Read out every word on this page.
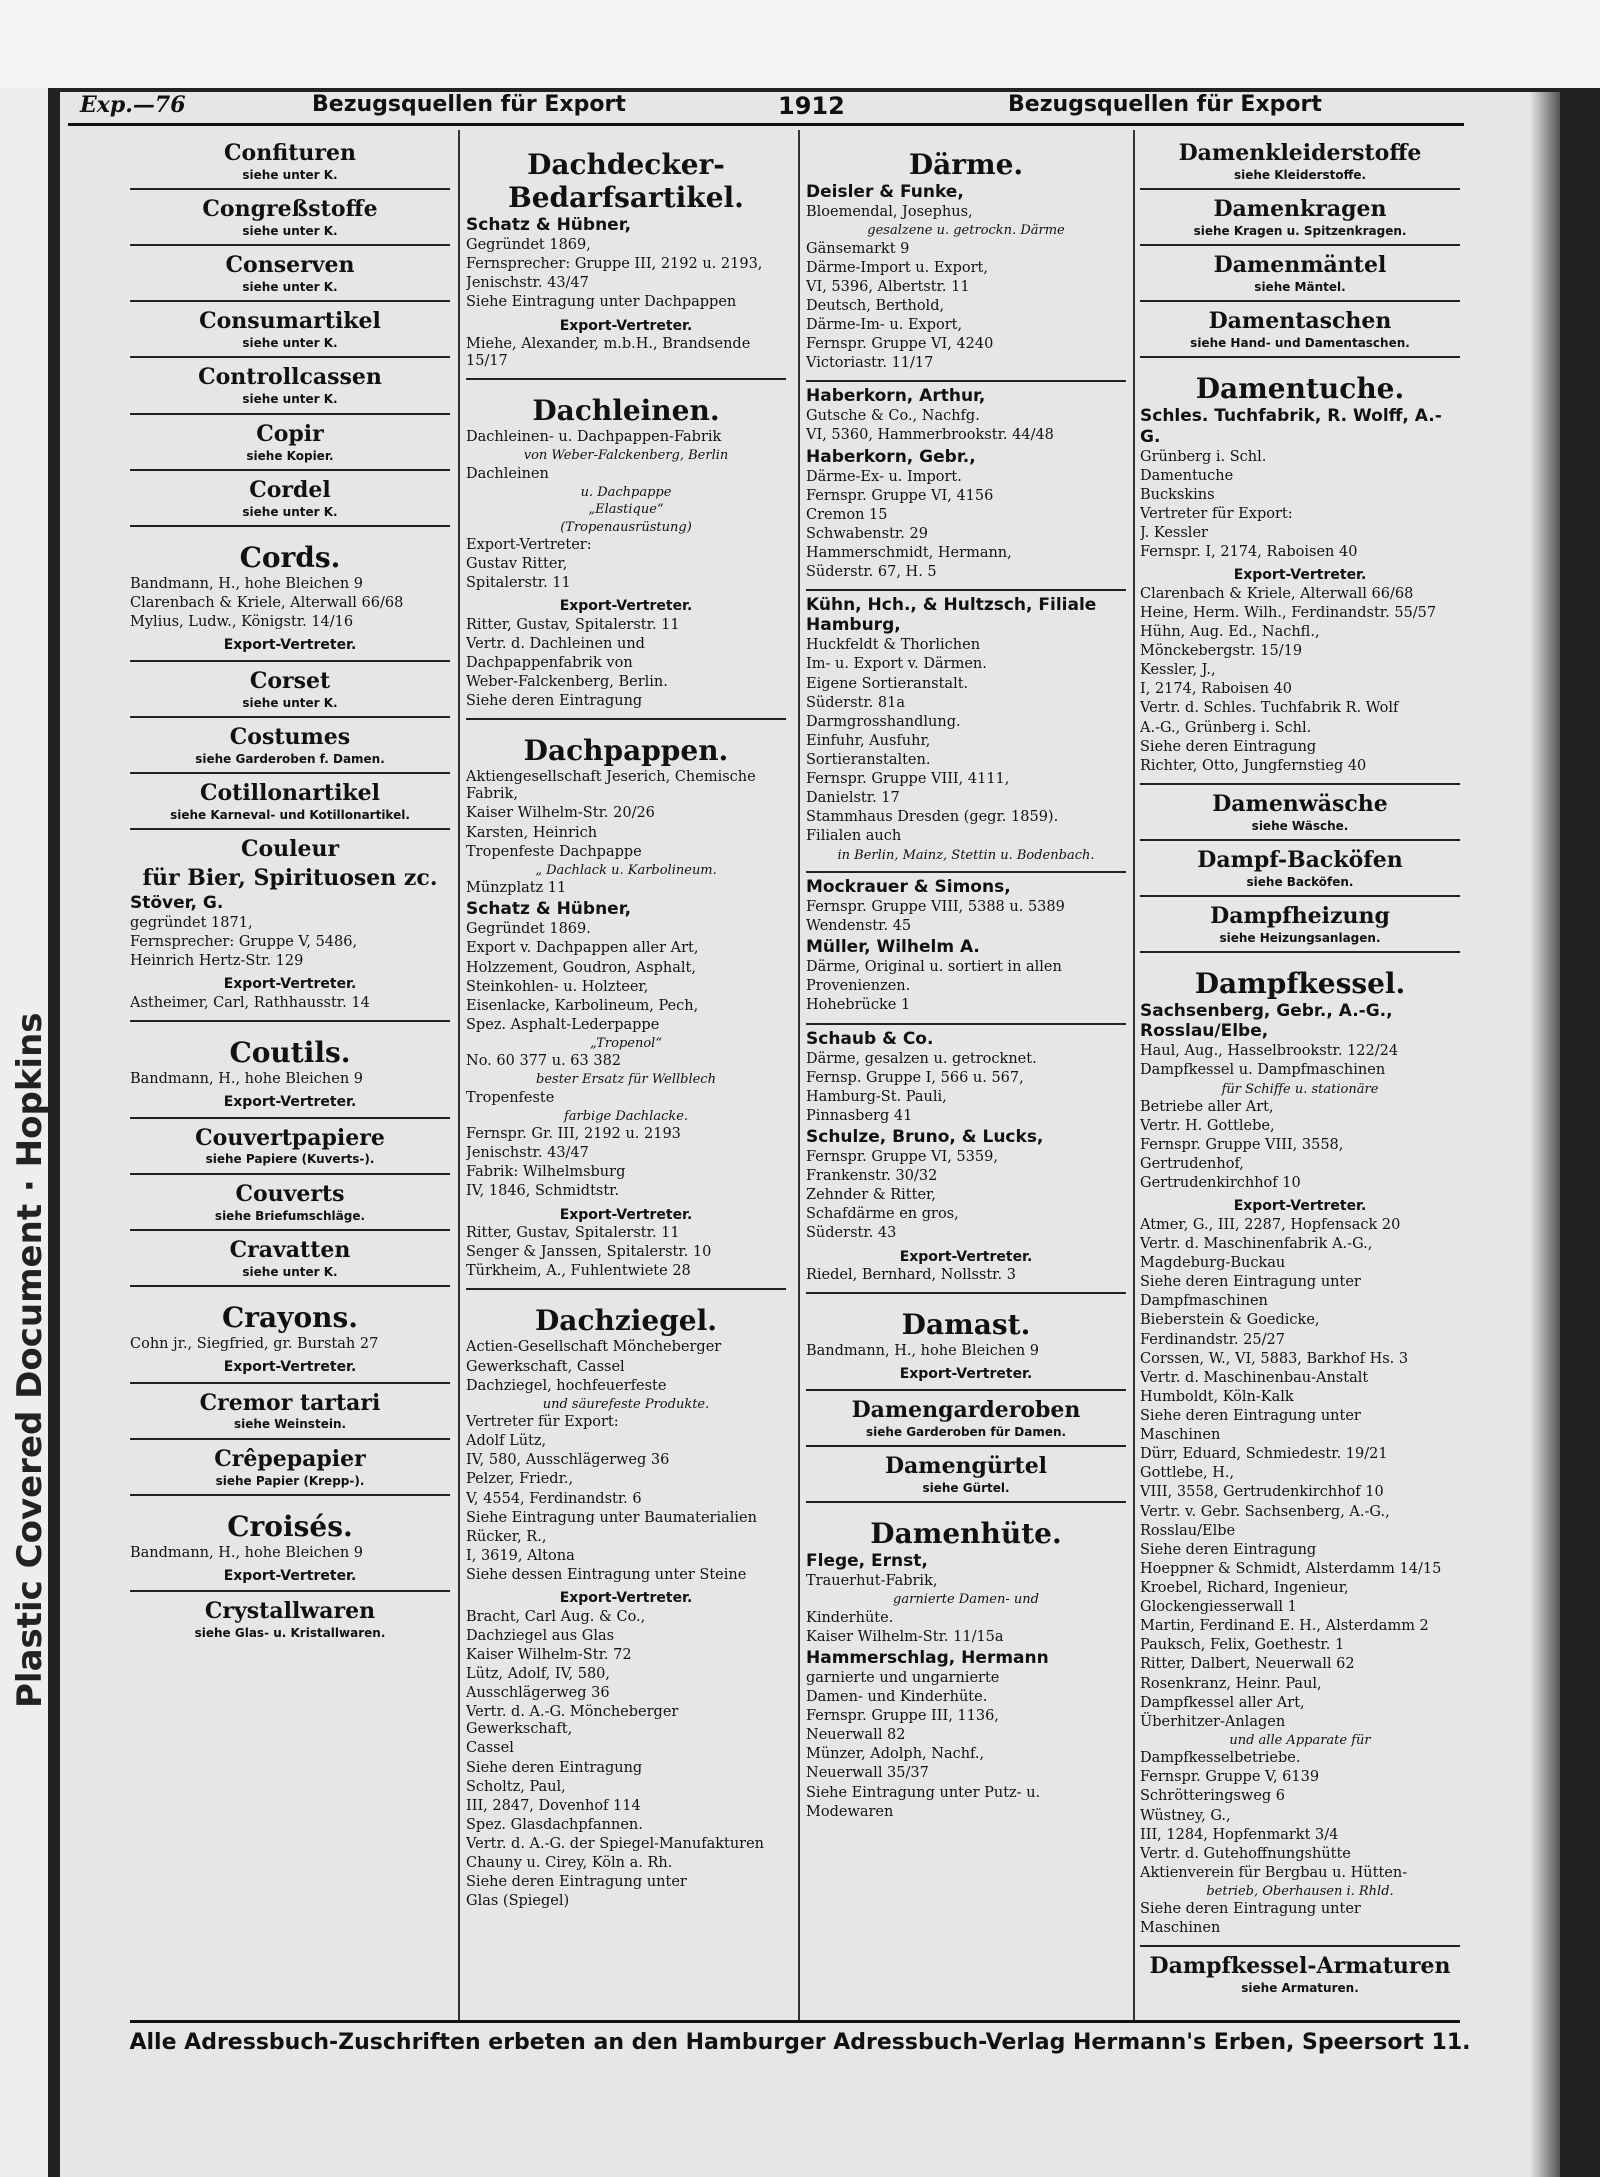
Plastic Covered Document · Hopkins
Exp.—76	Bezugsquellen für Export	1912	Bezugsquellen für Export
Confituren
siehe unter K.
Congreßstoffe
siehe unter K.
Conserven
siehe unter K.
Consumartikel
siehe unter K.
Controllcassen
siehe unter K.
Copir
siehe Kopier.
Cordel
siehe unter K.
Cords.
Bandmann, H., hohe Bleichen 9
Clarenbach & Kriele, Alterwall 66/68
Mylius, Ludw., Königstr. 14/16
Export-Vertreter.
Corset
siehe unter K.
Costumes
siehe Garderoben f. Damen.
Cotillonartikel
siehe Karneval- und Kotillonartikel.
Couleur
für Bier, Spirituosen zc.
Stöver, G.
gegründet 1871,
Fernsprecher: Gruppe V, 5486,
Heinrich Hertz-Str. 129
Export-Vertreter.
Astheimer, Carl, Rathhausstr. 14
Coutils.
Bandmann, H., hohe Bleichen 9
Export-Vertreter.
Couvertpapiere
siehe Papiere (Kuverts-).
Couverts
siehe Briefumschläge.
Cravatten
siehe unter K.
Crayons.
Cohn jr., Siegfried, gr. Burstah 27
Export-Vertreter.
Cremor tartari
siehe Weinstein.
Crêpepapier
siehe Papier (Krepp-).
Croisés.
Bandmann, H., hohe Bleichen 9
Export-Vertreter.
Crystallwaren
siehe Glas- u. Kristallwaren.
Dachdecker-Bedarfsartikel.
Schatz & Hübner,
Gegründet 1869,
Fernsprecher: Gruppe III, 2192 u. 2193,
Jenischstr. 43/47
Siehe Eintragung unter Dachpappen
Export-Vertreter.
Miehe, Alexander, m.b.H., Brandsende 15/17
Dachleinen.
Dachleinen- u. Dachpappen-Fabrik
von Weber-Falckenberg, Berlin
Dachleinen
u. Dachpappe
„Elastique“
(Tropenausrüstung)
Export-Vertreter:
Gustav Ritter,
Spitalerstr. 11
Export-Vertreter.
Ritter, Gustav, Spitalerstr. 11
Vertr. d. Dachleinen und
Dachpappenfabrik von
Weber-Falckenberg, Berlin.
Siehe deren Eintragung
Dachpappen.
Aktiengesellschaft Jeserich, Chemische Fabrik,
Kaiser Wilhelm-Str. 20/26
Karsten, Heinrich
Tropenfeste Dachpappe
„ Dachlack u. Karbolineum.
Münzplatz 11
Schatz & Hübner,
Gegründet 1869.
Export v. Dachpappen aller Art,
Holzzement, Goudron, Asphalt,
Steinkohlen- u. Holzteer,
Eisenlacke, Karbolineum, Pech,
Spez. Asphalt-Lederpappe
„Tropenol“
No. 60 377 u. 63 382
bester Ersatz für Wellblech
Tropenfeste
farbige Dachlacke.
Fernspr. Gr. III, 2192 u. 2193
Jenischstr. 43/47
Fabrik: Wilhelmsburg
IV, 1846, Schmidtstr.
Export-Vertreter.
Ritter, Gustav, Spitalerstr. 11
Senger & Janssen, Spitalerstr. 10
Türkheim, A., Fuhlentwiete 28
Dachziegel.
Actien-Gesellschaft Möncheberger
Gewerkschaft, Cassel
Dachziegel, hochfeuerfeste
und säurefeste Produkte.
Vertreter für Export:
Adolf Lütz,
IV, 580, Ausschlägerweg 36
Pelzer, Friedr.,
V, 4554, Ferdinandstr. 6
Siehe Eintragung unter Baumaterialien
Rücker, R.,
I, 3619, Altona
Siehe dessen Eintragung unter Steine
Export-Vertreter.
Bracht, Carl Aug. & Co.,
Dachziegel aus Glas
Kaiser Wilhelm-Str. 72
Lütz, Adolf, IV, 580,
Ausschlägerweg 36
Vertr. d. A.-G. Möncheberger Gewerkschaft,
Cassel
Siehe deren Eintragung
Scholtz, Paul,
III, 2847, Dovenhof 114
Spez. Glasdachpfannen.
Vertr. d. A.-G. der Spiegel-Manufakturen
Chauny u. Cirey, Köln a. Rh.
Siehe deren Eintragung unter
Glas (Spiegel)
Därme.
Deisler & Funke,
Bloemendal, Josephus,
gesalzene u. getrockn. Därme
Gänsemarkt 9
Därme-Import u. Export,
VI, 5396, Albertstr. 11
Deutsch, Berthold,
Därme-Im- u. Export,
Fernspr. Gruppe VI, 4240
Victoriastr. 11/17
Haberkorn, Arthur,
Gutsche & Co., Nachfg.
VI, 5360, Hammerbrookstr. 44/48
Haberkorn, Gebr.,
Därme-Ex- u. Import.
Fernspr. Gruppe VI, 4156
Cremon 15
Schwabenstr. 29
Hammerschmidt, Hermann,
Süderstr. 67, H. 5
Kühn, Hch., & Hultzsch, Filiale Hamburg,
Huckfeldt & Thorlichen
Im- u. Export v. Därmen.
Eigene Sortieranstalt.
Süderstr. 81a
Darmgrosshandlung.
Einfuhr, Ausfuhr,
Sortieranstalten.
Fernspr. Gruppe VIII, 4111,
Danielstr. 17
Stammhaus Dresden (gegr. 1859).
Filialen auch
in Berlin, Mainz, Stettin u. Bodenbach.
Mockrauer & Simons,
Fernspr. Gruppe VIII, 5388 u. 5389
Wendenstr. 45
Müller, Wilhelm A.
Därme, Original u. sortiert in allen
Provenienzen.
Hohebrücke 1
Schaub & Co.
Därme, gesalzen u. getrocknet.
Fernsp. Gruppe I, 566 u. 567,
Hamburg-St. Pauli,
Pinnasberg 41
Schulze, Bruno, & Lucks,
Fernspr. Gruppe VI, 5359,
Frankenstr. 30/32
Zehnder & Ritter,
Schafdärme en gros,
Süderstr. 43
Export-Vertreter.
Riedel, Bernhard, Nollsstr. 3
Damast.
Bandmann, H., hohe Bleichen 9
Export-Vertreter.
Damengarderoben
siehe Garderoben für Damen.
Damengürtel
siehe Gürtel.
Damenhüte.
Flege, Ernst,
Trauerhut-Fabrik,
garnierte Damen- und
Kinderhüte.
Kaiser Wilhelm-Str. 11/15a
Hammerschlag, Hermann
garnierte und ungarnierte
Damen- und Kinderhüte.
Fernspr. Gruppe III, 1136,
Neuerwall 82
Münzer, Adolph, Nachf.,
Neuerwall 35/37
Siehe Eintragung unter Putz- u.
Modewaren
Damenkleiderstoffe
siehe Kleiderstoffe.
Damenkragen
siehe Kragen u. Spitzenkragen.
Damenmäntel
siehe Mäntel.
Damentaschen
siehe Hand- und Damentaschen.
Damentuche.
Schles. Tuchfabrik, R. Wolff, A.-G.
Grünberg i. Schl.
Damentuche
Buckskins
Vertreter für Export:
J. Kessler
Fernspr. I, 2174, Raboisen 40
Export-Vertreter.
Clarenbach & Kriele, Alterwall 66/68
Heine, Herm. Wilh., Ferdinandstr. 55/57
Hühn, Aug. Ed., Nachfl.,
Mönckebergstr. 15/19
Kessler, J.,
I, 2174, Raboisen 40
Vertr. d. Schles. Tuchfabrik R. Wolf
A.-G., Grünberg i. Schl.
Siehe deren Eintragung
Richter, Otto, Jungfernstieg 40
Damenwäsche
siehe Wäsche.
Dampf-Backöfen
siehe Backöfen.
Dampfheizung
siehe Heizungsanlagen.
Dampfkessel.
Sachsenberg, Gebr., A.-G., Rosslau/Elbe,
Haul, Aug., Hasselbrookstr. 122/24
Dampfkessel u. Dampfmaschinen
für Schiffe u. stationäre
Betriebe aller Art,
Vertr. H. Gottlebe,
Fernspr. Gruppe VIII, 3558,
Gertrudenhof,
Gertrudenkirchhof 10
Export-Vertreter.
Atmer, G., III, 2287, Hopfensack 20
Vertr. d. Maschinenfabrik A.-G.,
Magdeburg-Buckau
Siehe deren Eintragung unter
Dampfmaschinen
Bieberstein & Goedicke,
Ferdinandstr. 25/27
Corssen, W., VI, 5883, Barkhof Hs. 3
Vertr. d. Maschinenbau-Anstalt
Humboldt, Köln-Kalk
Siehe deren Eintragung unter
Maschinen
Dürr, Eduard, Schmiedestr. 19/21
Gottlebe, H.,
VIII, 3558, Gertrudenkirchhof 10
Vertr. v. Gebr. Sachsenberg, A.-G.,
Rosslau/Elbe
Siehe deren Eintragung
Hoeppner & Schmidt, Alsterdamm 14/15
Kroebel, Richard, Ingenieur,
Glockengiesserwall 1
Martin, Ferdinand E. H., Alsterdamm 2
Pauksch, Felix, Goethestr. 1
Ritter, Dalbert, Neuerwall 62
Rosenkranz, Heinr. Paul,
Dampfkessel aller Art,
Überhitzer-Anlagen
und alle Apparate für
Dampfkesselbetriebe.
Fernspr. Gruppe V, 6139
Schrötteringsweg 6
Wüstney, G.,
III, 1284, Hopfenmarkt 3/4
Vertr. d. Gutehoffnungshütte
Aktienverein für Bergbau u. Hütten-
betrieb, Oberhausen i. Rhld.
Siehe deren Eintragung unter
Maschinen
Dampfkessel-Armaturen
siehe Armaturen.
Alle Adressbuch-Zuschriften erbeten an den Hamburger Adressbuch-Verlag Hermann's Erben, Speersort 11.
